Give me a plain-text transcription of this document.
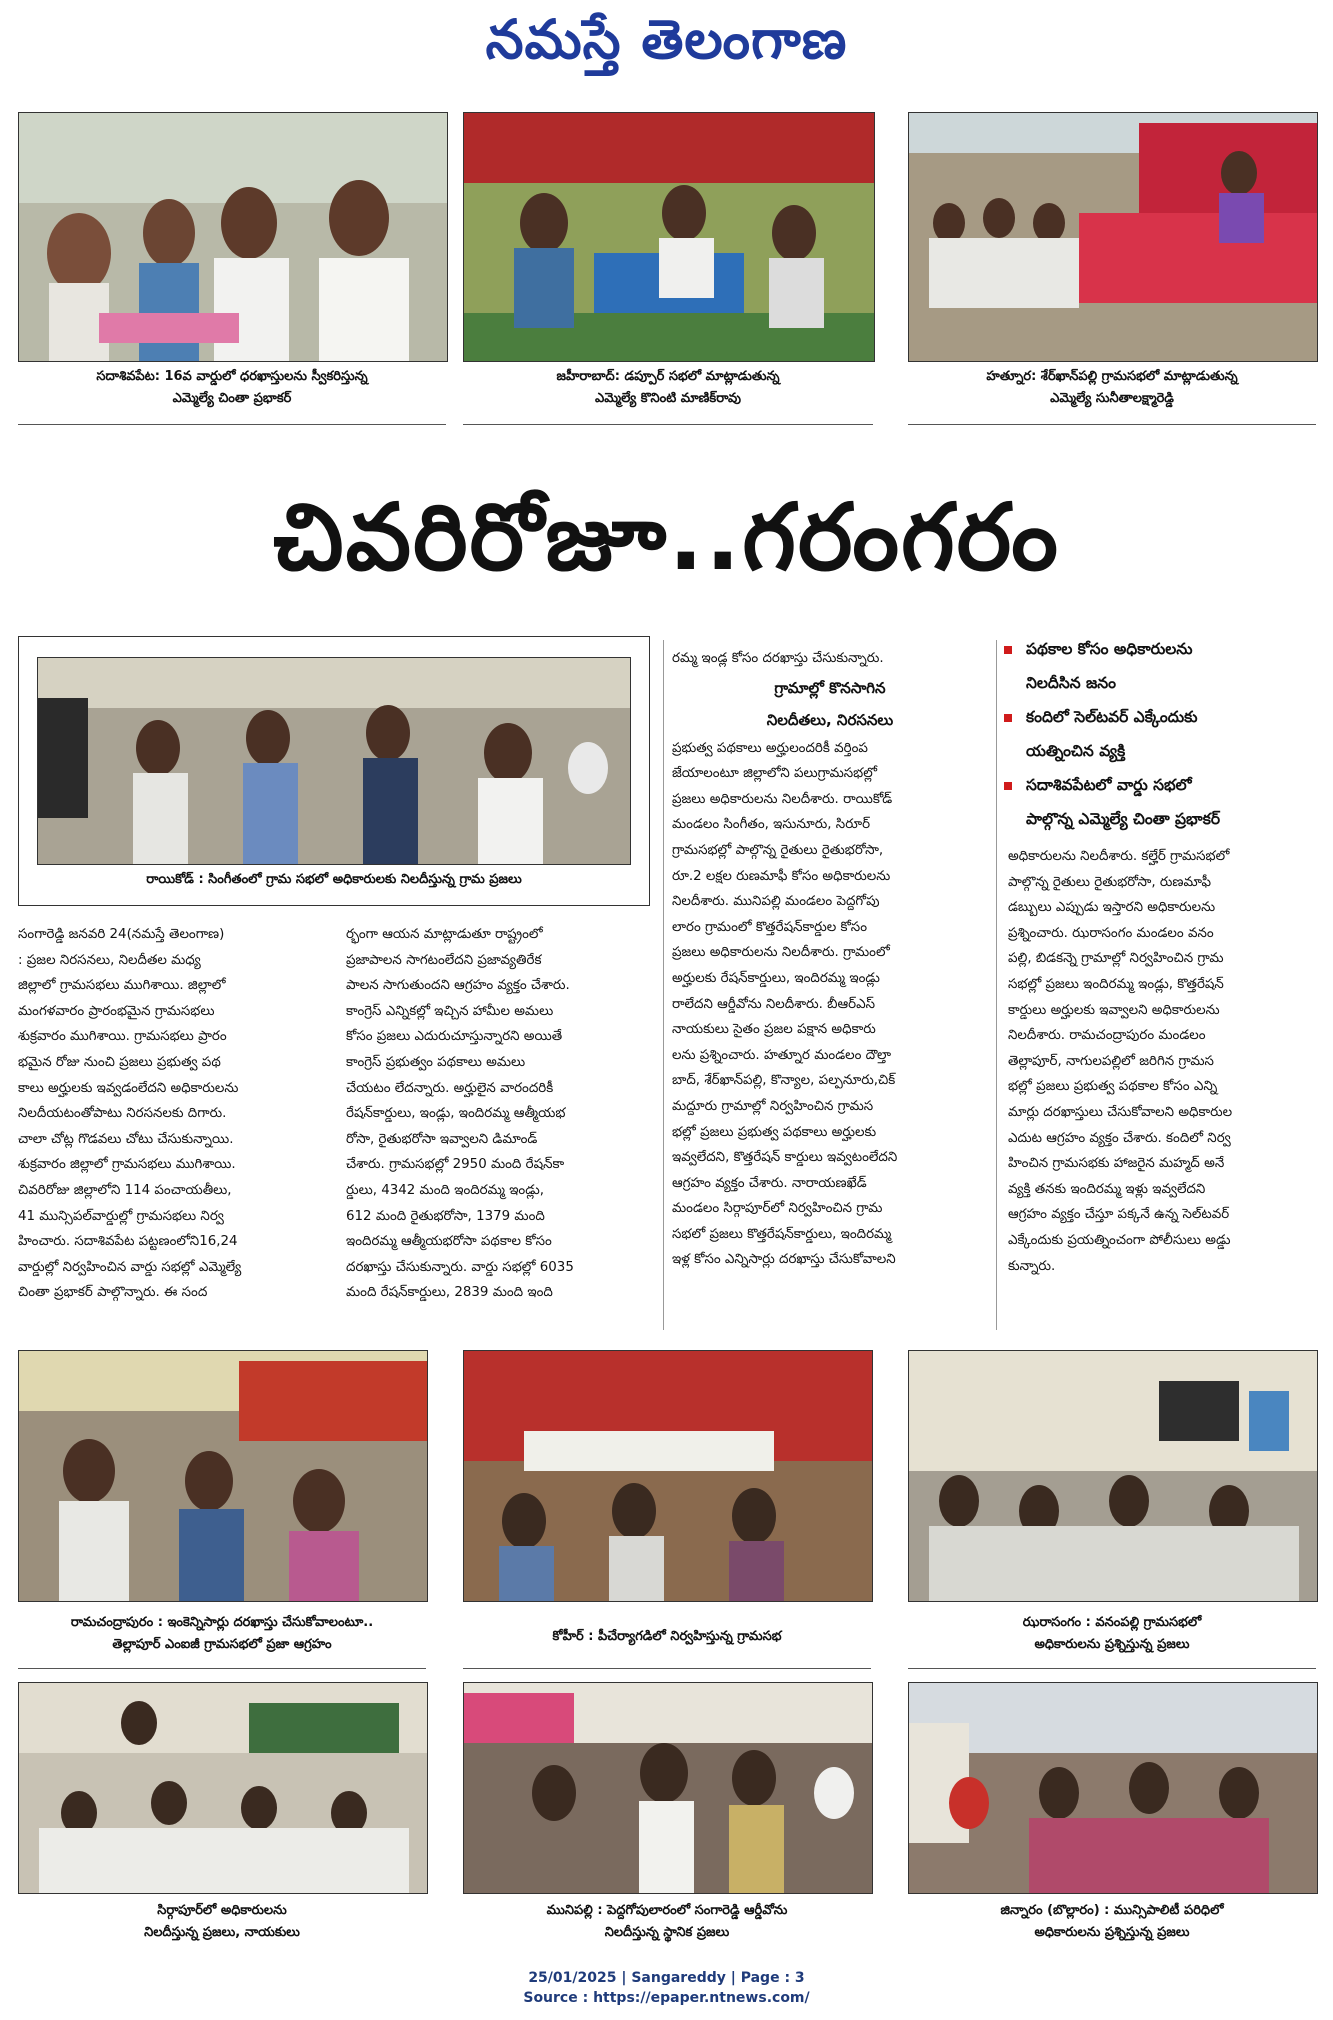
నమస్తే తెలంగాణ
సదాశివపేట: 16వ వార్డులో ధరఖాస్తులను స్వీకరిస్తున్న
ఎమ్మెల్యే చింతా ప్రభాకర్
జహీరాబాద్: డప్పూర్ సభలో మాట్లాడుతున్న
ఎమ్మెల్యే కొనింటి మాణిక్‌రావు
హత్నూర: శేర్‌ఖాన్‌పల్లి గ్రామసభలో మాట్లాడుతున్న
ఎమ్మెల్యే సునీతాలక్ష్మారెడ్డి
చివరిరోజూ..గరంగరం
రాయికోడ్ : సింగీతంలో గ్రామ సభలో అధికారులకు నిలదీస్తున్న గ్రామ ప్రజలు
పథకాల కోసం అధికారులను
నిలదీసిన జనం
కందిలో సెల్‌టవర్ ఎక్కేందుకు
యత్నించిన వ్యక్తి
సదాశివపేటలో వార్డు సభలో
పాల్గొన్న ఎమ్మెల్యే చింతా ప్రభాకర్
రమ్మ ఇండ్ల కోసం దరఖాస్తు చేసుకున్నారు.
గ్రామాల్లో కొనసాగిన
నిలదీతలు, నిరసనలు
ప్రభుత్వ పథకాలు అర్హులందరికీ వర్తింప
జేయాలంటూ జిల్లాలోని పలుగ్రామసభల్లో
ప్రజలు అధికారులను నిలదీశారు. రాయికోడ్
మండలం సింగీతం, ఇసునూరు, సిరూర్
గ్రామసభల్లో పాల్గొన్న రైతులు రైతుభరోసా,
రూ.2 లక్షల రుణమాఫీ కోసం అధికారులను
నిలదీశారు. మునిపల్లి మండలం పెద్దగోపు
లారం గ్రామంలో కొత్తరేషన్‌కార్డుల కోసం
ప్రజలు అధికారులను నిలదీశారు. గ్రామంలో
అర్హులకు రేషన్‌కార్డులు, ఇందిరమ్మ ఇండ్లు
రాలేదని ఆర్డీవోను నిలదీశారు. బీఆర్‌ఎస్
నాయకులు సైతం ప్రజల పక్షాన అధికారు
లను ప్రశ్నించారు. హత్నూర మండలం దౌల్తా
బాద్, శేర్‌ఖాన్‌పల్లి, కొన్యాల, పల్పనూరు,చిక్
మద్దూరు గ్రామాల్లో నిర్వహించిన గ్రామస
భల్లో ప్రజలు ప్రభుత్వ పథకాలు అర్హులకు
ఇవ్వలేదని, కొత్తరేషన్ కార్డులు ఇవ్వటంలేదని
ఆగ్రహం వ్యక్తం చేశారు. నారాయణఖేడ్
మండలం సిర్గాపూర్‌లో నిర్వహించిన గ్రామ
సభలో ప్రజలు కొత్తరేషన్‌కార్డులు, ఇందిరమ్మ
ఇళ్ల కోసం ఎన్నిసార్లు దరఖాస్తు చేసుకోవాలని
సంగారెడ్డి జనవరి 24(నమస్తే తెలంగాణ)
: ప్రజల నిరసనలు, నిలదీతల మధ్య
జిల్లాలో గ్రామసభలు ముగిశాయి. జిల్లాలో
మంగళవారం ప్రారంభమైన గ్రామసభలు
శుక్రవారం ముగిశాయి. గ్రామసభలు ప్రారం
భమైన రోజు నుంచి ప్రజలు ప్రభుత్వ పథ
కాలు అర్హులకు ఇవ్వడంలేదని అధికారులను
నిలదీయటంతోపాటు నిరసనలకు దిగారు.
చాలా చోట్ల గొడవలు చోటు చేసుకున్నాయి.
శుక్రవారం జిల్లాలో గ్రామసభలు ముగిశాయి.
చివరిరోజు జిల్లాలోని 114 పంచాయతీలు,
41 మున్సిపల్‌వార్డుల్లో గ్రామసభలు నిర్వ
హించారు. సదాశివపేట పట్టణంలోని16,24
వార్డుల్లో నిర్వహించిన వార్డు సభల్లో ఎమ్మెల్యే
చింతా ప్రభాకర్ పాల్గొన్నారు. ఈ సంద
ర్భంగా ఆయన మాట్లాడుతూ రాష్ట్రంలో
ప్రజాపాలన సాగటంలేదని ప్రజావ్యతిరేక
పాలన సాగుతుందని ఆగ్రహం వ్యక్తం చేశారు.
కాంగ్రెస్ ఎన్నికల్లో ఇచ్చిన హామీల అమలు
కోసం ప్రజలు ఎదురుచూస్తున్నారని అయితే
కాంగ్రెస్ ప్రభుత్వం పథకాలు అమలు
చేయటం లేదన్నారు. అర్హులైన వారందరికీ
రేషన్‌కార్డులు, ఇండ్లు, ఇందిరమ్మ ఆత్మీయభ
రోసా, రైతుభరోసా ఇవ్వాలని డిమాండ్
చేశారు. గ్రామసభల్లో 2950 మంది రేషన్‌కా
ర్డులు, 4342 మంది ఇందిరమ్మ ఇండ్లు,
612 మంది రైతుభరోసా, 1379 మంది
ఇందిరమ్మ ఆత్మీయభరోసా పథకాల కోసం
దరఖాస్తు చేసుకున్నారు. వార్డు సభల్లో 6035
మంది రేషన్‌కార్డులు, 2839 మంది ఇంది
అధికారులను నిలదీశారు. కల్హేర్ గ్రామసభలో
పాల్గొన్న రైతులు రైతుభరోసా, రుణమాఫీ
డబ్బులు ఎప్పుడు ఇస్తారని అధికారులను
ప్రశ్నించారు. ఝరాసంగం మండలం వనం
పల్లి, బిడకన్నె గ్రామాల్లో నిర్వహించిన గ్రామ
సభల్లో ప్రజలు ఇందిరమ్మ ఇండ్లు, కొత్తరేషన్
కార్డులు అర్హులకు ఇవ్వాలని అధికారులను
నిలదీశారు. రామచంద్రాపురం మండలం
తెల్లాపూర్, నాగులపల్లిలో జరిగిన గ్రామస
భల్లో ప్రజలు ప్రభుత్వ పథకాల కోసం ఎన్ని
మార్లు దరఖాస్తులు చేసుకోవాలని అధికారుల
ఎదుట ఆగ్రహం వ్యక్తం చేశారు. కందిలో నిర్వ
హించిన గ్రామసభకు హాజరైన మహ్మద్ అనే
వ్యక్తి తనకు ఇందిరమ్మ ఇళ్లు ఇవ్వలేదని
ఆగ్రహం వ్యక్తం చేస్తూ పక్కనే ఉన్న సెల్‌టవర్
ఎక్కేందుకు ప్రయత్నించంగా పోలీసులు అడ్డు
కున్నారు.
రామచంద్రాపురం : ఇంకెన్నిసార్లు దరఖాస్తు చేసుకోవాలంటూ..
తెల్లాపూర్ ఎంఐజీ గ్రామసభలో ప్రజా ఆగ్రహం
కోహీర్ : పీచేర్యాగడిలో నిర్వహిస్తున్న గ్రామసభ
ఝరాసంగం : వనంపల్లి గ్రామసభలో
అధికారులను ప్రశ్నిస్తున్న ప్రజలు
సిర్గాపూర్‌లో అధికారులను
నిలదీస్తున్న ప్రజలు, నాయకులు
మునిపల్లి : పెద్దగోపులారంలో సంగారెడ్డి ఆర్డీవోను
నిలదీస్తున్న స్థానిక ప్రజలు
జిన్నారం (బొల్లారం) : మున్సిపాలిటీ పరిధిలో
అధికారులను ప్రశ్నిస్తున్న ప్రజలు
25/01/2025 | Sangareddy | Page : 3
Source : https://epaper.ntnews.com/
